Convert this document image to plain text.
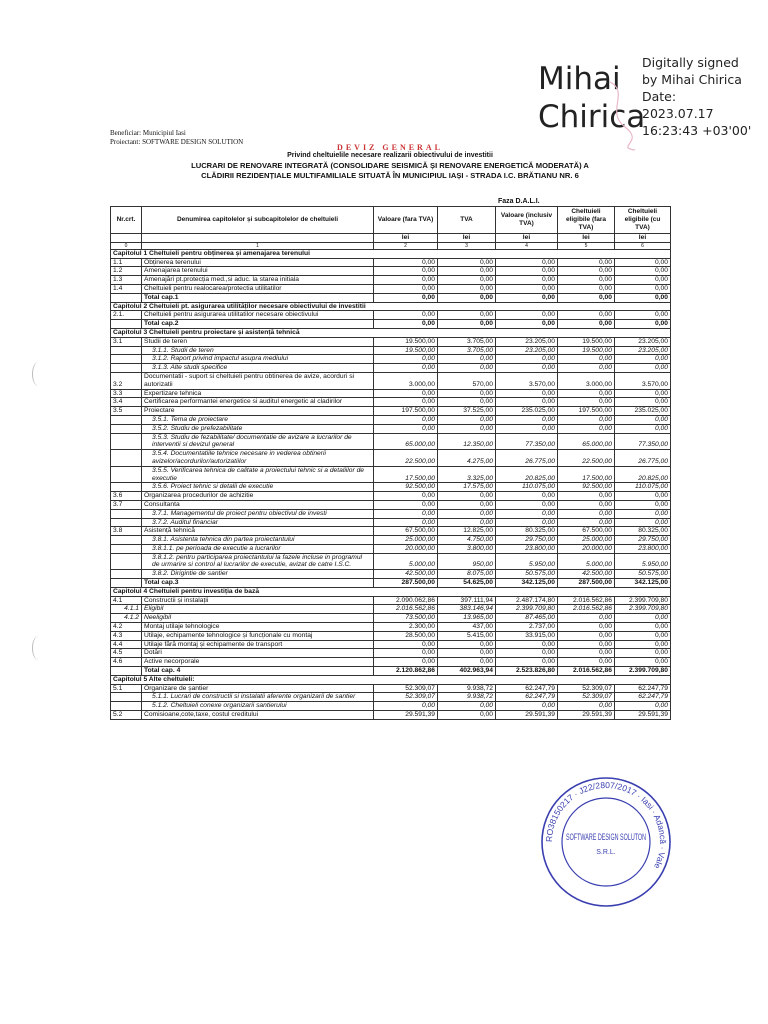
Mihai
Chirica
Digitally signed
by Mihai Chirica
Date:
2023.07.17
16:23:43 +03'00'
Beneficiar: Municipiul Iasi
Proiectant: SOFTWARE DESIGN SOLUTION
DEVIZ GENERAL
Privind cheltuielile necesare realizarii obiectivului de investitii
LUCRARI DE RENOVARE INTEGRATĂ (CONSOLIDARE SEISMICĂ ȘI RENOVARE ENERGETICĂ MODERATĂ) A
CLĂDIRII REZIDENȚIALE MULTIFAMILIALE SITUATĂ ÎN MUNICIPIUL IAȘI - STRADA I.C. BRĂTIANU NR. 6
Faza D.A.L.I.
Nr.crt.	Denumirea capitolelor și subcapitolelor de cheltuieli	Valoare (fara TVA)	TVA	Valoare (inclusiv TVA)	Cheltuieli eligibile (fara TVA)	Cheltuieli eligibile (cu TVA)
		lei	lei	lei	lei	lei
0	1	2	3	4	5	6
Capitolul 1 Cheltuieli pentru obținerea și amenajarea terenului						
1.1	Obținerea terenului	0,00	0,00	0,00	0,00	0,00
1.2	Amenajarea terenului	0,00	0,00	0,00	0,00	0,00
1.3	Amenajări pt.protecția med.,si aduc. la starea initiala	0,00	0,00	0,00	0,00	0,00
1.4	Cheltuieli pentru realocarea/protectia utilitatilor	0,00	0,00	0,00	0,00	0,00
	Total cap.1	0,00	0,00	0,00	0,00	0,00
Capitolul 2 Cheltuieli pt. asigurarea utilităților necesare obiectivului de investitii						
2.1.	Cheltuieli pentru asigurarea utilitatilor necesare obiectivului	0,00	0,00	0,00	0,00	0,00
	Total cap.2	0,00	0,00	0,00	0,00	0,00
Capitolul 3 Cheltuieli pentru proiectare și asistență tehnică						
3.1	Studii de teren	19.500,00	3.705,00	23.205,00	19.500,00	23.205,00
	3.1.1. Studii de teren	19.500,00	3.705,00	23.205,00	19.500,00	23.205,00
	3.1.2. Raport privind impactul asupra mediului	0,00	0,00	0,00	0,00	0,00
	3.1.3. Alte studii specifice	0,00	0,00	0,00	0,00	0,00
3.2	Documentatii - suport si cheltuieli pentru obtinerea de avize, acorduri si autorizatii	3.000,00	570,00	3.570,00	3.000,00	3.570,00
3.3	Expertizare tehnica	0,00	0,00	0,00	0,00	0,00
3.4	Certificarea performantei energetice si auditul energetic al cladirilor	0,00	0,00	0,00	0,00	0,00
3.5	Proiectare	197.500,00	37.525,00	235.025,00	197.500,00	235.025,00
	3.5.1. Tema de proiectare	0,00	0,00	0,00	0,00	0,00
	3.5.2. Studiu de prefezabilitate	0,00	0,00	0,00	0,00	0,00
	3.5.3. Studiu de fezabilitate/ documentatie de avizare a lucrarilor de interventii si devizul general	65.000,00	12.350,00	77.350,00	65.000,00	77.350,00
	3.5.4. Documentatiile tehnice necesare in vederea obtinerii avizelor/acordurilor/autorizatiilor	22.500,00	4.275,00	26.775,00	22.500,00	26.775,00
	3.5.5. Verificarea tehnica de calitate a proiectului tehnic si a detaliilor de executie	17.500,00	3.325,00	20.825,00	17.500,00	20.825,00
	3.5.6. Proiect tehnic si detalii de executie	92.500,00	17.575,00	110.075,00	92.500,00	110.075,00
3.6	Organizarea procedurilor de achizitie	0,00	0,00	0,00	0,00	0,00
3.7	Consultanta	0,00	0,00	0,00	0,00	0,00
	3.7.1. Managementul de proiect pentru obiectivul de investi	0,00	0,00	0,00	0,00	0,00
	3.7.2. Auditul financiar	0,00	0,00	0,00	0,00	0,00
3.8	Asistență tehnică	67.500,00	12.825,00	80.325,00	67.500,00	80.325,00
	3.8.1. Asistenta tehnica din partea proiectantului	25.000,00	4.750,00	29.750,00	25.000,00	29.750,00
	3.8.1.1. pe perioada de executie a lucrarilor	20.000,00	3.800,00	23.800,00	20.000,00	23.800,00
	3.8.1.2. pentru participarea proiectantului la fazele incluse in programul de urmarire si control al lucrarilor de executie, avizat de catre I.S.C.	5.000,00	950,00	5.950,00	5.000,00	5.950,00
	3.8.2. Dirigintie de santier	42.500,00	8.075,00	50.575,00	42.500,00	50.575,00
	Total cap.3	287.500,00	54.625,00	342.125,00	287.500,00	342.125,00
Capitolul 4 Cheltuieli pentru investiția de bază						
4.1	Constructii și instalații	2.090.062,86	397.111,94	2.487.174,80	2.016.562,86	2.399.709,80
4.1.1	Eligibil	2.016.562,86	383.146,94	2.399.709,80	2.016.562,86	2.399.709,80
4.1.2	Neeligibil	73.500,00	13.965,00	87.465,00	0,00	0,00
4.2	Montaj utilaje tehnologice	2.300,00	437,00	2.737,00	0,00	0,00
4.3	Utilaje, echipamente tehnologice și funcționale cu montaj	28.500,00	5.415,00	33.915,00	0,00	0,00
4.4	Utilaje fără montaj și echipamente de transport	0,00	0,00	0,00	0,00	0,00
4.5	Dotări	0,00	0,00	0,00	0,00	0,00
4.6	Active necorporale	0,00	0,00	0,00	0,00	0,00
	Total cap. 4	2.120.862,86	402.963,94	2.523.826,80	2.016.562,86	2.399.709,80
Capitolul 5 Alte cheltuieli:						
5.1	Organizare de șantier	52.309,07	9.938,72	62.247,79	52.309,07	62.247,79
	5.1.1. Lucrari de constructii si instalatii aferente organizarii de santier	52.309,07	9.938,72	62.247,79	52.309,07	62.247,79
	5.1.2. Cheltuieli conexe organizarii santierului	0,00	0,00	0,00	0,00	0,00
5.2	Comisioane,cote,taxe, costul creditului	29.591,39	0,00	29.591,39	29.591,39	29.591,39
RO38150217 · J22/2807/2017 · Iasi · Adancă · Vale
SOFTWARE DESIGN SOLUTON
S.R.L.
